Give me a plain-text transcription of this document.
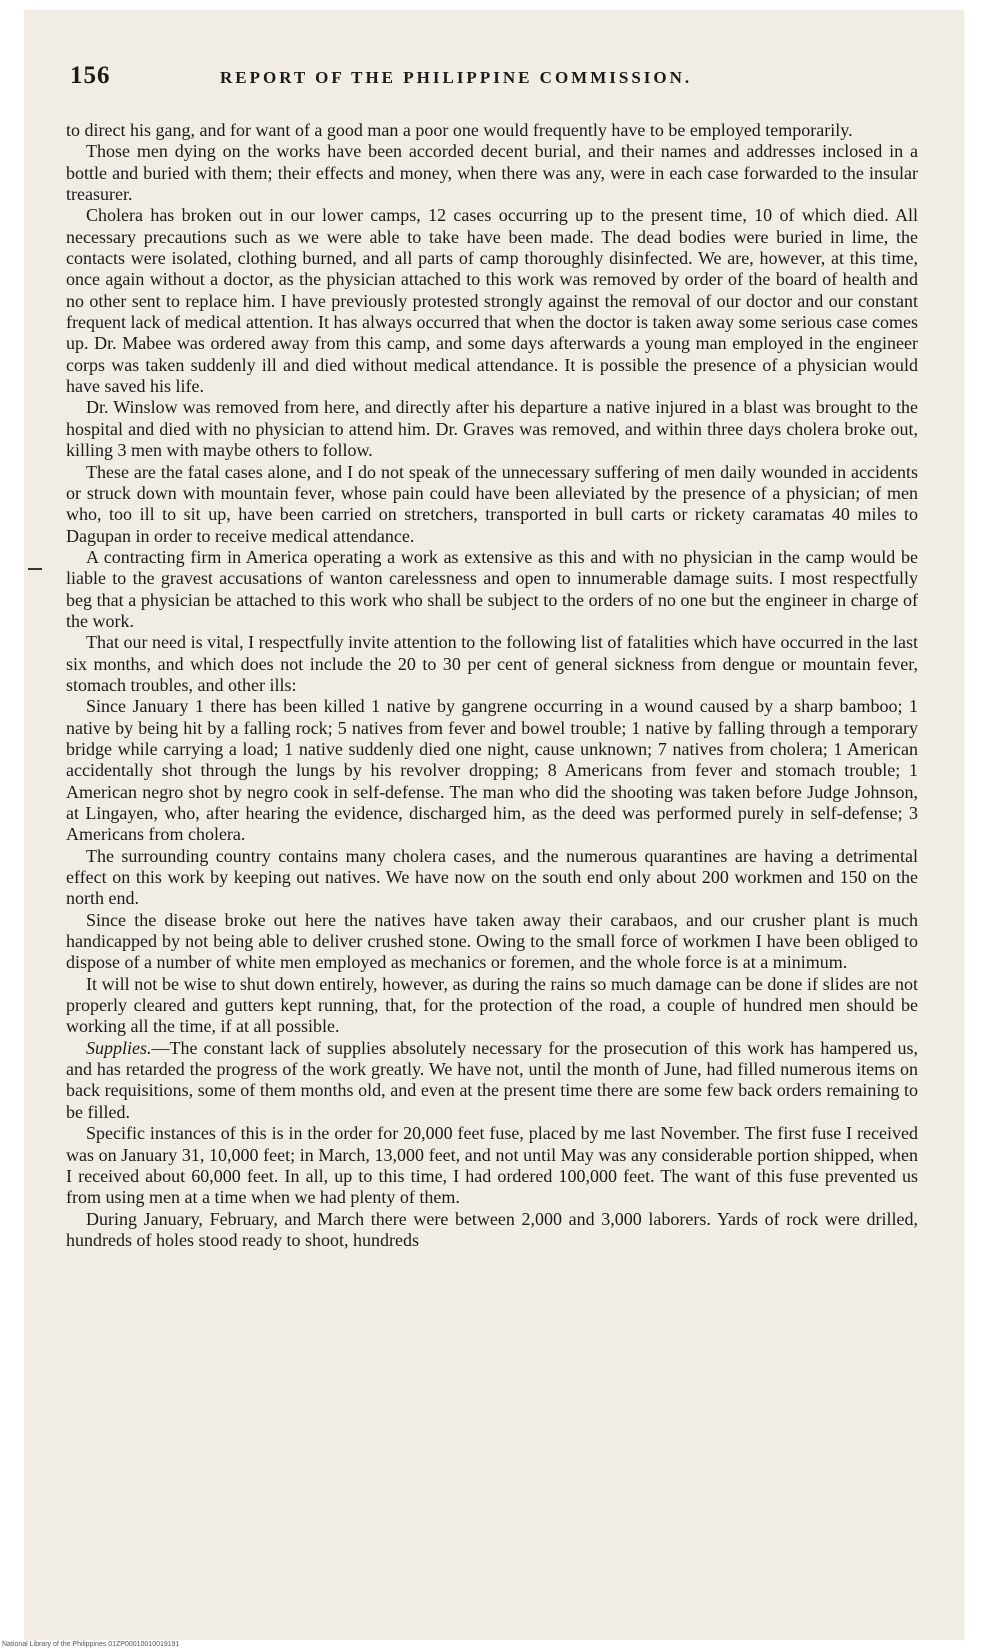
156	REPORT OF THE PHILIPPINE COMMISSION.

to direct his gang, and for want of a good man a poor one would frequently have to be employed temporarily.

Those men dying on the works have been accorded decent burial, and their names and addresses inclosed in a bottle and buried with them; their effects and money, when there was any, were in each case forwarded to the insular treasurer.

Cholera has broken out in our lower camps, 12 cases occurring up to the present time, 10 of which died. All necessary precautions such as we were able to take have been made. The dead bodies were buried in lime, the contacts were isolated, clothing burned, and all parts of camp thoroughly disinfected. We are, however, at this time, once again without a doctor, as the physician attached to this work was removed by order of the board of health and no other sent to replace him. I have previously protested strongly against the removal of our doctor and our constant frequent lack of medical attention. It has always occurred that when the doctor is taken away some serious case comes up. Dr. Mabee was ordered away from this camp, and some days afterwards a young man employed in the engineer corps was taken suddenly ill and died without medical attendance. It is possible the presence of a physician would have saved his life.

Dr. Winslow was removed from here, and directly after his departure a native injured in a blast was brought to the hospital and died with no physician to attend him. Dr. Graves was removed, and within three days cholera broke out, killing 3 men with maybe others to follow.

These are the fatal cases alone, and I do not speak of the unnecessary suffering of men daily wounded in accidents or struck down with mountain fever, whose pain could have been alleviated by the presence of a physician; of men who, too ill to sit up, have been carried on stretchers, transported in bull carts or rickety caramatas 40 miles to Dagupan in order to receive medical attendance.

A contracting firm in America operating a work as extensive as this and with no physician in the camp would be liable to the gravest accusations of wanton carelessness and open to innumerable damage suits. I most respectfully beg that a physician be attached to this work who shall be subject to the orders of no one but the engineer in charge of the work.

That our need is vital, I respectfully invite attention to the following list of fatalities which have occurred in the last six months, and which does not include the 20 to 30 per cent of general sickness from dengue or mountain fever, stomach troubles, and other ills:

Since January 1 there has been killed 1 native by gangrene occurring in a wound caused by a sharp bamboo; 1 native by being hit by a falling rock; 5 natives from fever and bowel trouble; 1 native by falling through a temporary bridge while carrying a load; 1 native suddenly died one night, cause unknown; 7 natives from cholera; 1 American accidentally shot through the lungs by his revolver dropping; 8 Americans from fever and stomach trouble; 1 American negro shot by negro cook in self-defense. The man who did the shooting was taken before Judge Johnson, at Lingayen, who, after hearing the evidence, discharged him, as the deed was performed purely in self-defense; 3 Americans from cholera.

The surrounding country contains many cholera cases, and the numerous quarantines are having a detrimental effect on this work by keeping out natives. We have now on the south end only about 200 workmen and 150 on the north end.

Since the disease broke out here the natives have taken away their carabaos, and our crusher plant is much handicapped by not being able to deliver crushed stone. Owing to the small force of workmen I have been obliged to dispose of a number of white men employed as mechanics or foremen, and the whole force is at a minimum.

It will not be wise to shut down entirely, however, as during the rains so much damage can be done if slides are not properly cleared and gutters kept running, that, for the protection of the road, a couple of hundred men should be working all the time, if at all possible.

Supplies.—The constant lack of supplies absolutely necessary for the prosecution of this work has hampered us, and has retarded the progress of the work greatly. We have not, until the month of June, had filled numerous items on back requisitions, some of them months old, and even at the present time there are some few back orders remaining to be filled.

Specific instances of this is in the order for 20,000 feet fuse, placed by me last November. The first fuse I received was on January 31, 10,000 feet; in March, 13,000 feet, and not until May was any considerable portion shipped, when I received about 60,000 feet. In all, up to this time, I had ordered 100,000 feet. The want of this fuse prevented us from using men at a time when we had plenty of them.

During January, February, and March there were between 2,000 and 3,000 laborers. Yards of rock were drilled, hundreds of holes stood ready to shoot, hundreds

National Library of the Philippines 01ZP00010010019191
